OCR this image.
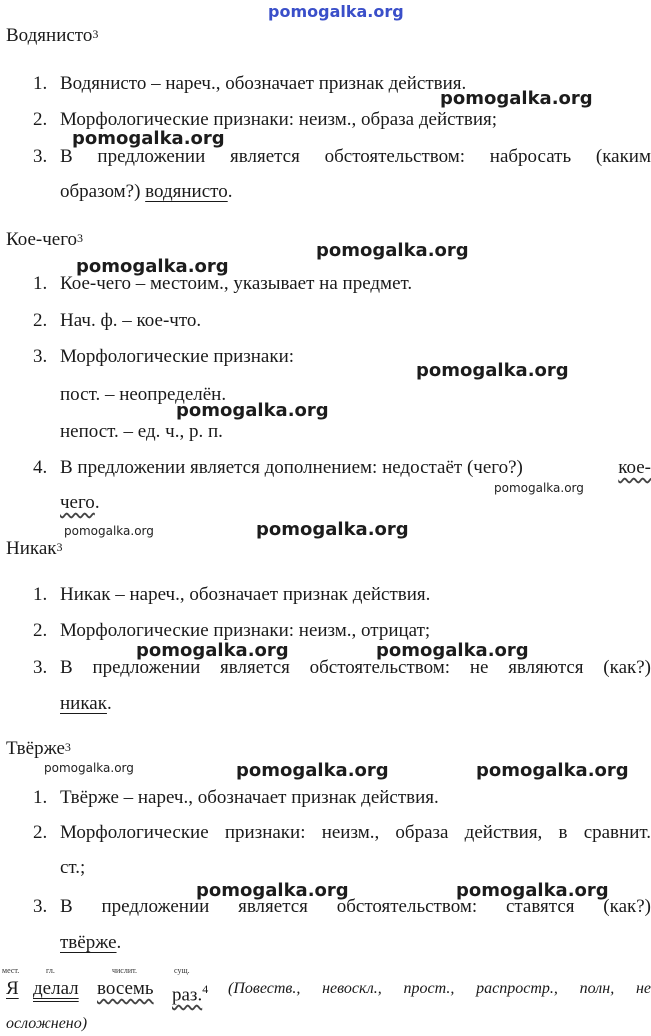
pomogalka.org
Водянисто$^3$
1. Водянисто – нареч., обозначает признак действия.
2. Морфологические признаки: неизм., образа действия;
3. В предложении является обстоятельством: набросать (каким
образом?) водянисто.
Кое-чего$^3$
1. Кое-чего – местоим., указывает на предмет.
2. Нач. ф. – кое-что.
3. Морфологические признаки:
пост. – неопределён.
непост. – ед. ч., р. п.
4. В предложении является дополнением: недостаёт (чего?)	кое-
чего.
Никак$^3$
1. Никак – нареч., обозначает признак действия.
2. Морфологические признаки: неизм., отрицат;
3. В предложении является обстоятельством: не являются (как?)
никак.
Твёрже$^3$
1. Твёрже – нареч., обозначает признак действия.
2. Морфологические признаки: неизм., образа действия, в сравнит.
ст.;
3. В предложении является обстоятельством: ставятся (как?)
твёрже.
мест.	гл.	числит.	сущ.
Я делал восемь раз.$^4$ (Повеств., невоскл., прост., распростр., полн, не
осложнено)
pomogalka.org
pomogalka.org
pomogalka.org
pomogalka.org
pomogalka.org
pomogalka.org
pomogalka.org
pomogalka.org	pomogalka.org
pomogalka.org	pomogalka.org
pomogalka.org	pomogalka.org	pomogalka.org
pomogalka.org	pomogalka.org
